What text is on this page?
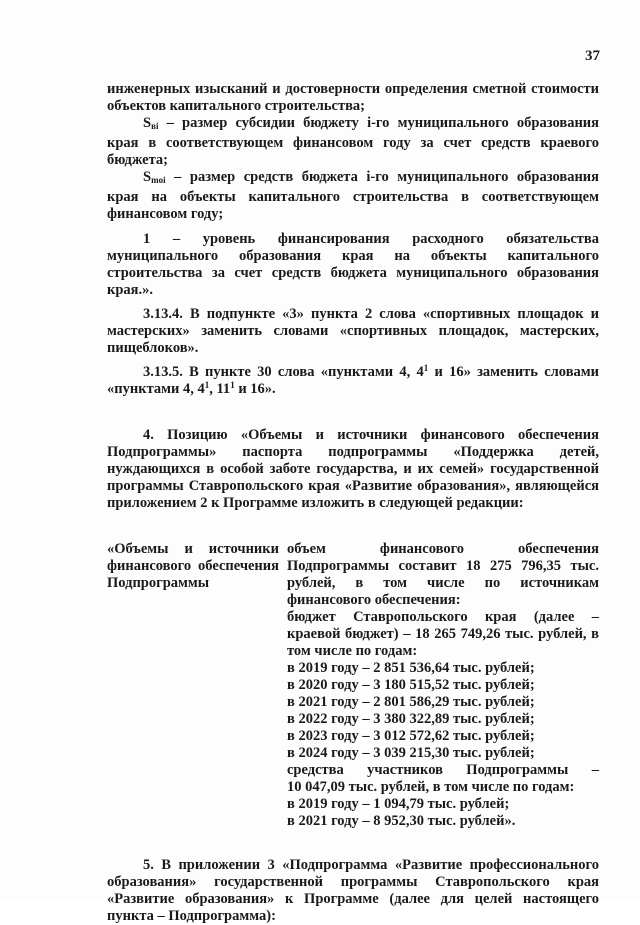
37

инженерных изысканий и достоверности определения сметной стоимости объектов капитального строительства;

$S_{вi}$ – размер субсидии бюджету i-го муниципального образования края в соответствующем финансовом году за счет средств краевого бюджета;

$S_{moi}$ – размер средств бюджета i-го муниципального образования края на объекты капитального строительства в соответствующем финансовом году;

1 – уровень финансирования расходного обязательства муниципального образования края на объекты капитального строительства за счет средств бюджета муниципального образования края.».

3.13.4. В подпункте «3» пункта 2 слова «спортивных площадок и мастерских» заменить словами «спортивных площадок, мастерских, пищеблоков».

3.13.5. В пункте 30 слова «пунктами 4, $4^1$ и 16» заменить словами «пунктами 4, $4^1$, $11^1$ и 16».

4. Позицию «Объемы и источники финансового обеспечения Подпрограммы» паспорта подпрограммы «Поддержка детей, нуждающихся в особой заботе государства, и их семей» государственной программы Ставропольского края «Развитие образования», являющейся приложением 2 к Программе изложить в следующей редакции:

«Объемы и источники финансового обеспечения Подпрограммы
объем финансового обеспечения Подпрограммы составит 18 275 796,35 тыс. рублей, в том числе по источникам финансового обеспечения:
бюджет Ставропольского края (далее – краевой бюджет) – 18 265 749,26 тыс. рублей, в том числе по годам:
в 2019 году – 2 851 536,64 тыс. рублей;
в 2020 году – 3 180 515,52 тыс. рублей;
в 2021 году – 2 801 586,29 тыс. рублей;
в 2022 году – 3 380 322,89 тыс. рублей;
в 2023 году – 3 012 572,62 тыс. рублей;
в 2024 году – 3 039 215,30 тыс. рублей;
средства участников Подпрограммы –
10 047,09 тыс. рублей, в том числе по годам:
в 2019 году – 1 094,79 тыс. рублей;
в 2021 году – 8 952,30 тыс. рублей».

5. В приложении 3 «Подпрограмма «Развитие профессионального образования» государственной программы Ставропольского края «Развитие образования» к Программе (далее для целей настоящего пункта – Подпрограмма):
